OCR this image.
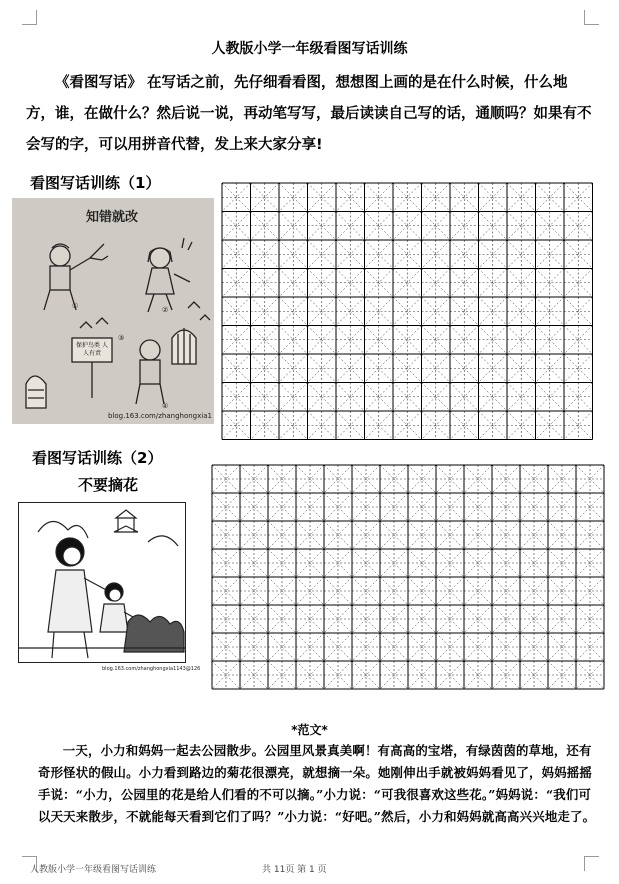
人教版小学一年级看图写话训练
《看图写话》 在写话之前，先仔细看看图，想想图上画的是在什么时候，什么地方，谁，在做什么？然后说一说，再动笔写写，最后读读自己写的话，通顺吗？如果有不会写的字，可以用拼音代替，发上来大家分享!
看图写话训练（1）
知错就改
①	②
③
④
保护鸟类 人人有责
blog.163.com/zhanghongxia1
看图写话训练（2）
不要摘花
blog.163.com/zhanghongxia1143@126
*范文*
一天，小力和妈妈一起去公园散步。公园里风景真美啊！有高高的宝塔，有绿茵茵的草地，还有奇形怪状的假山。小力看到路边的菊花很漂亮，就想摘一朵。她刚伸出手就被妈妈看见了，妈妈摇摇手说：“小力，公园里的花是给人们看的不可以摘。”小力说：“可我很喜欢这些花。”妈妈说：“我们可以天天来散步，不就能每天看到它们了吗？”小力说：“好吧。”然后，小力和妈妈就高高兴兴地走了。
人教版小学一年级看图写话训练	共 11页 第 1 页
